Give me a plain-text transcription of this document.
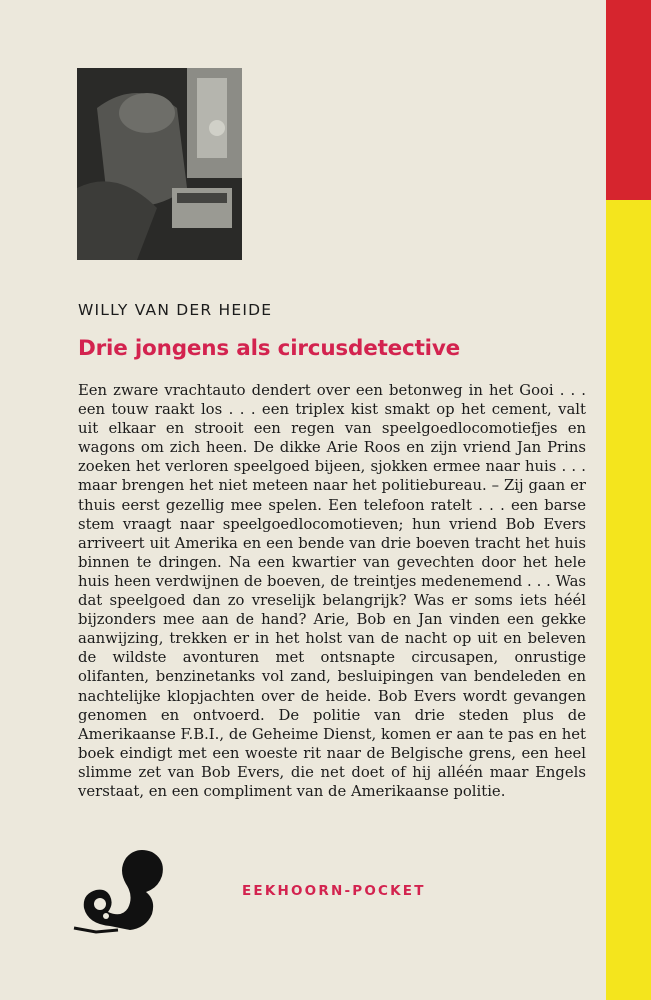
WILLY VAN DER HEIDE
Drie jongens als circusdetective
Een zware vrachtauto dendert over een betonweg in het Gooi . . . een touw raakt los . . . een triplex kist smakt op het cement, valt uit elkaar en strooit een regen van speelgoedlocomotiefjes en wagons om zich heen. De dikke Arie Roos en zijn vriend Jan Prins zoeken het verloren speelgoed bijeen, sjokken ermee naar huis . . . maar brengen het niet meteen naar het politiebureau. – Zij gaan er thuis eerst gezellig mee spelen. Een telefoon ratelt . . . een barse stem vraagt naar speelgoedlocomotieven; hun vriend Bob Evers arriveert uit Amerika en een bende van drie boeven tracht het huis binnen te dringen. Na een kwartier van gevechten door het hele huis heen verdwijnen de boeven, de treintjes medenemend . . . Was dat speelgoed dan zo vreselijk belangrijk? Was er soms iets héél bijzonders mee aan de hand? Arie, Bob en Jan vinden een gekke aanwijzing, trekken er in het holst van de nacht op uit en beleven de wildste avonturen met ontsnapte circusapen, onrustige olifanten, benzinetanks vol zand, besluipingen van bendeleden en nachtelijke klopjachten over de heide. Bob Evers wordt gevangen genomen en ontvoerd. De politie van drie steden plus de Amerikaanse F.B.I., de Geheime Dienst, komen er aan te pas en het boek eindigt met een woeste rit naar de Belgische grens, een heel slimme zet van Bob Evers, die net doet of hij alléén maar Engels verstaat, en een compliment van de Amerikaanse politie.
EEKHOORN-POCKET
